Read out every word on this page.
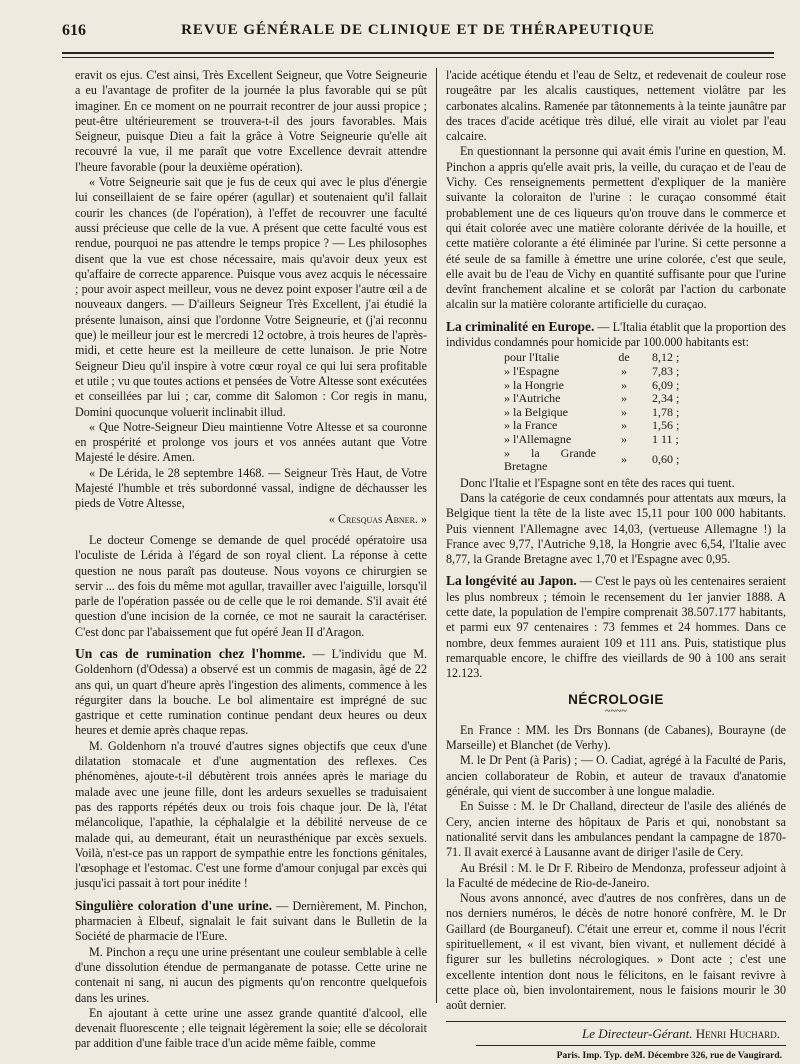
616	REVUE GÉNÉRALE DE CLINIQUE ET DE THÉRAPEUTIQUE

eravit os ejus. C'est ainsi, Très Excellent Seigneur, que Votre Seigneurie a eu l'avantage de profiter de la journée la plus favorable qui se pût imaginer. En ce moment on ne pourrait recontrer de jour aussi propice ; peut-être ultérieurement se trouvera-t-il des jours favorables. Mais Seigneur, puisque Dieu a fait la grâce à Votre Seigneurie qu'elle ait recouvré la vue, il me paraît que votre Excellence devrait attendre l'heure favorable (pour la deuxième opération).

« Votre Seigneurie sait que je fus de ceux qui avec le plus d'énergie lui conseillaient de se faire opérer (agullar) et soutenaient qu'il fallait courir les chances (de l'opération), à l'effet de recouvrer une faculté aussi précieuse que celle de la vue. A présent que cette faculté vous est rendue, pourquoi ne pas attendre le temps propice ? — Les philosophes disent que la vue est chose nécessaire, mais qu'avoir deux yeux est qu'affaire de correcte apparence. Puisque vous avez acquis le nécessaire ; pour avoir aspect meilleur, vous ne devez point exposer l'autre œil a de nouveaux dangers. — D'ailleurs Seigneur Très Excellent, j'ai étudié la présente lunaison, ainsi que l'ordonne Votre Seigneurie, et (j'ai reconnu que) le meilleur jour est le mercredi 12 octobre, à trois heures de l'après-midi, et cette heure est la meilleure de cette lunaison. Je prie Notre Seigneur Dieu qu'il inspire à votre cœur royal ce qui lui sera profitable et utile ; vu que toutes actions et pensées de Votre Altesse sont exécutées et conseillées par lui ; car, comme dit Salomon : Cor regis in manu, Domini quocunque voluerit inclinabit illud.

« Que Notre-Seigneur Dieu maintienne Votre Altesse et sa couronne en prospérité et prolonge vos jours et vos années autant que Votre Majesté le désire. Amen.

« De Lérida, le 28 septembre 1468. — Seigneur Très Haut, de Votre Majesté l'humble et très subordonné vassal, indigne de déchausser les pieds de Votre Altesse,

« Cresquas Abner. »

Le docteur Comenge se demande de quel procédé opératoire usa l'oculiste de Lérida à l'égard de son royal client. La réponse à cette question ne nous paraît pas douteuse. Nous voyons ce chirurgien se servir ... des fois du même mot agullar, travailler avec l'aiguille, lorsqu'il parle de l'opération passée ou de celle que le roi demande. S'il avait été question d'une incision de la cornée, ce mot ne saurait la caractériser. C'est donc par l'abaissement que fut opéré Jean II d'Aragon.

Un cas de rumination chez l'homme. — L'individu que M. Goldenhorn (d'Odessa) a observé est un commis de magasin, âgé de 22 ans qui, un quart d'heure après l'ingestion des aliments, commence à les régurgiter dans la bouche. Le bol alimentaire est imprégné de suc gastrique et cette rumination continue pendant deux heures ou deux heures et demie après chaque repas.

M. Goldenhorn n'a trouvé d'autres signes objectifs que ceux d'une dilatation stomacale et d'une augmentation des reflexes. Ces phénomènes, ajoute-t-il débutèrent trois années après le mariage du malade avec une jeune fille, dont les ardeurs sexuelles se traduisaient pas des rapports répétés deux ou trois fois chaque jour. De là, l'état mélancolique, l'apathie, la céphalalgie et la débilité nerveuse de ce malade qui, au demeurant, était un neurasthénique par excès sexuels. Voilà, n'est-ce pas un rapport de sympathie entre les fonctions génitales, l'œsophage et l'estomac. C'est une forme d'amour conjugal par excès qui jusqu'ici passait à tort pour inédite !

Singulière coloration d'une urine. — Dernièrement, M. Pinchon, pharmacien à Elbeuf, signalait le fait suivant dans le Bulletin de la Société de pharmacie de l'Eure.

M. Pinchon a reçu une urine présentant une couleur semblable à celle d'une dissolution étendue de permanganate de potasse. Cette urine ne contenait ni sang, ni aucun des pigments qu'on rencontre quelquefois dans les urines.

En ajoutant à cette urine une assez grande quantité d'alcool, elle devenait fluorescente ; elle teignait légèrement la soie; elle se décolorait par addition d'une faible trace d'un acide même faible, comme

l'acide acétique étendu et l'eau de Seltz, et redevenait de couleur rose rougeâtre par les alcalis caustiques, nettement violâtre par les carbonates alcalins. Ramenée par tâtonnements à la teinte jaunâtre par des traces d'acide acétique très dilué, elle virait au violet par l'eau calcaire.

En questionnant la personne qui avait émis l'urine en question, M. Pinchon a appris qu'elle avait pris, la veille, du curaçao et de l'eau de Vichy. Ces renseignements permettent d'expliquer de la manière suivante la coloraiton de l'urine : le curaçao consommé était probablement une de ces liqueurs qu'on trouve dans le commerce et qui était colorée avec une matière colorante dérivée de la houille, et cette matière colorante a été éliminée par l'urine. Si cette personne a été seule de sa famille à émettre une urine colorée, c'est que seule, elle avait bu de l'eau de Vichy en quantité suffisante pour que l'urine devînt franchement alcaline et se colorât par l'action du carbonate alcalin sur la matière colorante artificielle du curaçao.

La criminalité en Europe. — L'Italia établit que la proportion des individus condamnés pour homicide par 100.000 habitants est:

pour l'Italie	de	8,12 ;
» l'Espagne	»	7,83 ;
» la Hongrie	»	6,09 ;
» l'Autriche	»	2,34 ;
» la Belgique	»	1,78 ;
» la France	»	1,56 ;
» l'Allemagne	»	1 11 ;
» la Grande Bretagne	»	0,60 ;

Donc l'Italie et l'Espagne sont en tête des races qui tuent.

Dans la catégorie de ceux condamnés pour attentats aux mœurs, la Belgique tient la tête de la liste avec 15,11 pour 100 000 habitants. Puis viennent l'Allemagne avec 14,03, (vertueuse Allemagne !) la France avec 9,77, l'Autriche 9,18, la Hongrie avec 6,54, l'Italie avec 8,77, la Grande Bretagne avec 1,70 et l'Espagne avec 0,95.

La longévité au Japon. — C'est le pays où les centenaires seraient les plus nombreux ; témoin le recensement du 1er janvier 1888. A cette date, la population de l'empire comprenait 38.507.177 habitants, et parmi eux 97 centenaires : 73 femmes et 24 hommes. Dans ce nombre, deux femmes auraient 109 et 111 ans. Puis, statistique plus remarquable encore, le chiffre des vieillards de 90 à 100 ans serait 12.123.

NÉCROLOGIE
~~~~

En France : MM. les Drs Bonnans (de Cabanes), Bourayne (de Marseille) et Blanchet (de Verhy).

M. le Dr Pent (à Paris) ; — O. Cadiat, agrégé à la Faculté de Paris, ancien collaborateur de Robin, et auteur de travaux d'anatomie générale, qui vient de succomber à une longue maladie.

En Suisse : M. le Dr Challand, directeur de l'asile des aliénés de Cery, ancien interne des hôpitaux de Paris et qui, nonobstant sa nationalité servit dans les ambulances pendant la campagne de 1870-71. Il avait exercé à Lausanne avant de diriger l'asile de Cery.

Au Brésil : M. le Dr F. Ribeiro de Mendonza, professeur adjoint à la Faculté de médecine de Rio-de-Janeiro.

Nous avons annoncé, avec d'autres de nos confrères, dans un de nos derniers numéros, le décès de notre honoré confrère, M. le Dr Gaillard (de Bourganeuf). C'était une erreur et, comme il nous l'écrit spirituellement, « il est vivant, bien vivant, et nullement décidé à figurer sur les bulletins nécrologiques. » Dont acte ; c'est une excellente intention dont nous le félicitons, en le faisant revivre à cette place où, bien involontairement, nous le faisions mourir le 30 août dernier.

Le Directeur-Gérant. Henri Huchard.
Paris. Imp. Typ. deM. Décembre 326, rue de Vaugirard.
